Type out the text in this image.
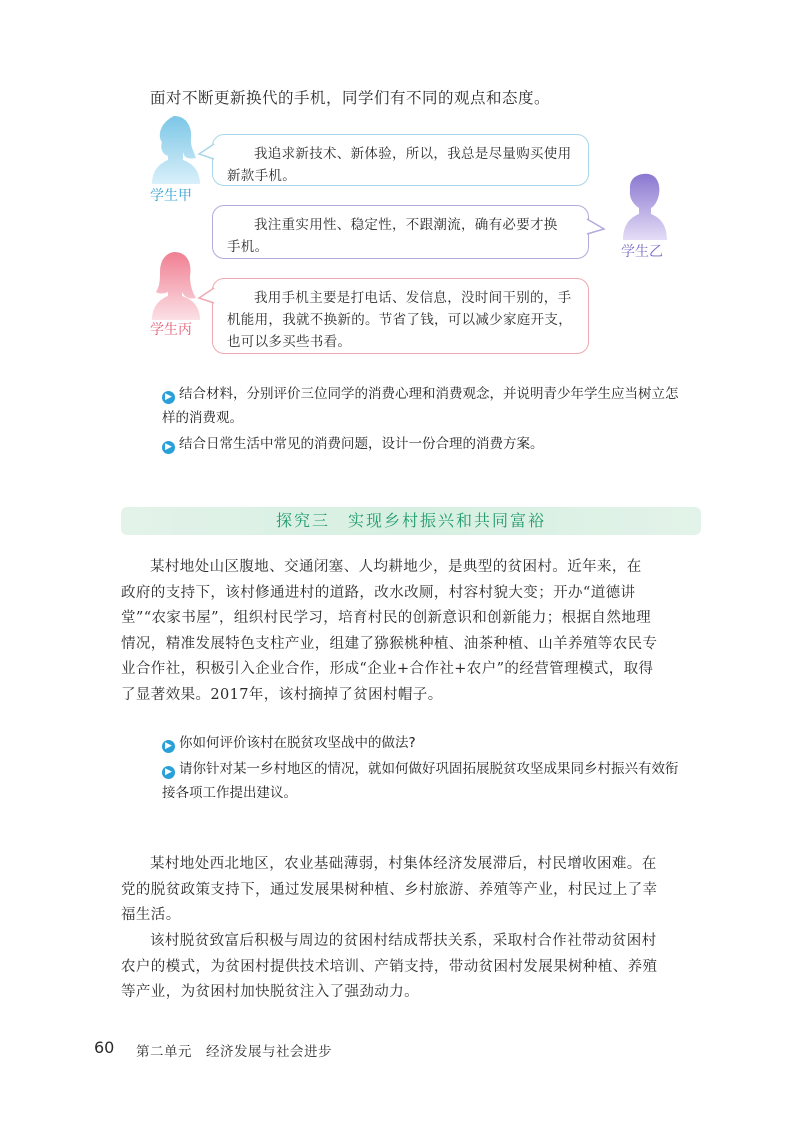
面对不断更新换代的手机，同学们有不同的观点和态度。
学生甲
学生乙
学生丙
我追求新技术、新体验，所以，我总是尽量购买使用
新款手机。
我注重实用性、稳定性，不跟潮流，确有必要才换
手机。
我用手机主要是打电话、发信息，没时间干别的，手
机能用，我就不换新的。节省了钱，可以减少家庭开支，
也可以多买些书看。
▶ 结合材料，分别评价三位同学的消费心理和消费观念，并说明青少年学生应当树立怎
样的消费观。
▶ 结合日常生活中常见的消费问题，设计一份合理的消费方案。
探究三　实现乡村振兴和共同富裕
某村地处山区腹地、交通闭塞、人均耕地少，是典型的贫困村。近年来，在
政府的支持下，该村修通进村的道路，改水改厕，村容村貌大变；开办“道德讲
堂”“农家书屋”，组织村民学习，培育村民的创新意识和创新能力；根据自然地理
情况，精准发展特色支柱产业，组建了猕猴桃种植、油茶种植、山羊养殖等农民专
业合作社，积极引入企业合作，形成“企业+合作社+农户”的经营管理模式，取得
了显著效果。2017年，该村摘掉了贫困村帽子。
▶ 你如何评价该村在脱贫攻坚战中的做法?
▶ 请你针对某一乡村地区的情况，就如何做好巩固拓展脱贫攻坚成果同乡村振兴有效衔
接各项工作提出建议。
某村地处西北地区，农业基础薄弱，村集体经济发展滞后，村民增收困难。在
党的脱贫政策支持下，通过发展果树种植、乡村旅游、养殖等产业，村民过上了幸
福生活。
该村脱贫致富后积极与周边的贫困村结成帮扶关系，采取村合作社带动贫困村
农户的模式，为贫困村提供技术培训、产销支持，带动贫困村发展果树种植、养殖
等产业，为贫困村加快脱贫注入了强劲动力。
60 第二单元　经济发展与社会进步
